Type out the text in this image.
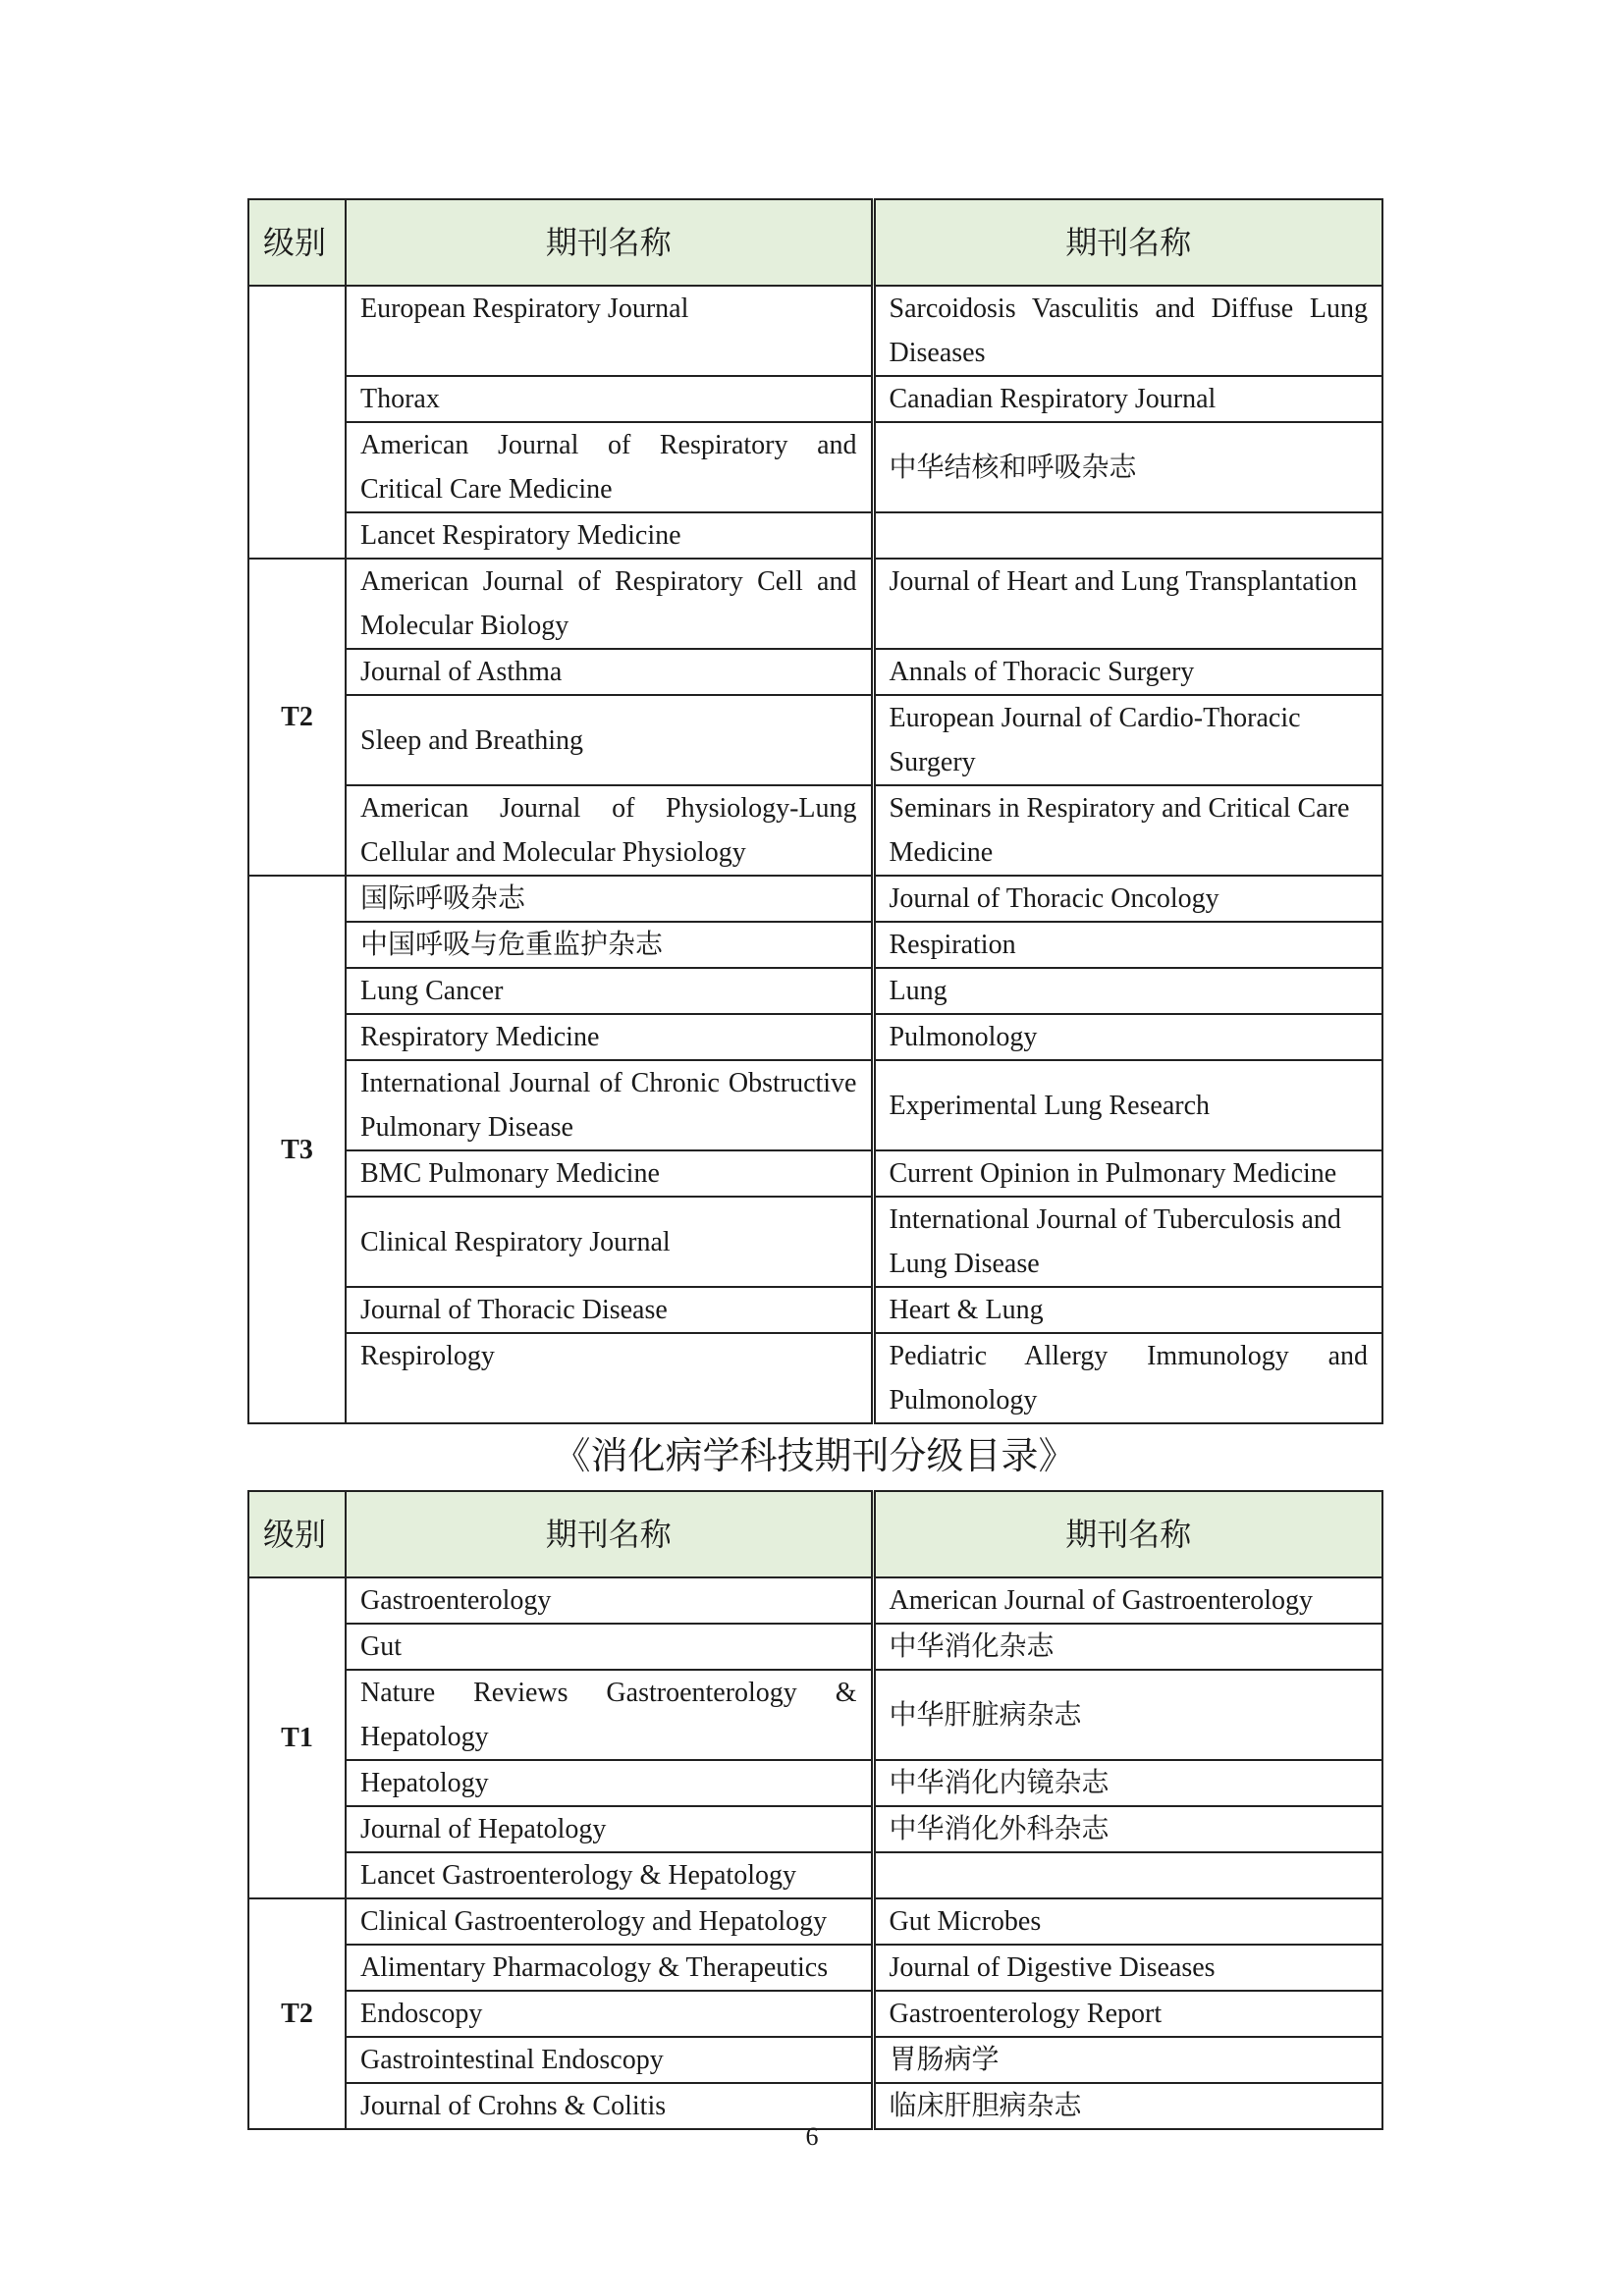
级别	期刊名称	期刊名称
	European Respiratory Journal	Sarcoidosis Vasculitis and Diffuse Lung Diseases
	Thorax	Canadian Respiratory Journal
	American Journal of Respiratory and Critical Care Medicine	中华结核和呼吸杂志
	Lancet Respiratory Medicine	
T2	American Journal of Respiratory Cell and Molecular Biology	Journal of Heart and Lung Transplantation
	Journal of Asthma	Annals of Thoracic Surgery
	Sleep and Breathing	European Journal of Cardio-Thoracic Surgery
	American Journal of Physiology-Lung Cellular and Molecular Physiology	Seminars in Respiratory and Critical Care Medicine
T3	国际呼吸杂志	Journal of Thoracic Oncology
	中国呼吸与危重监护杂志	Respiration
	Lung Cancer	Lung
	Respiratory Medicine	Pulmonology
	International Journal of Chronic Obstructive Pulmonary Disease	Experimental Lung Research
	BMC Pulmonary Medicine	Current Opinion in Pulmonary Medicine
	Clinical Respiratory Journal	International Journal of Tuberculosis and Lung Disease
	Journal of Thoracic Disease	Heart & Lung
	Respirology	Pediatric Allergy Immunology and Pulmonology
《消化病学科技期刊分级目录》
级别	期刊名称	期刊名称
T1	Gastroenterology	American Journal of Gastroenterology
	Gut	中华消化杂志
	Nature Reviews Gastroenterology & Hepatology	中华肝脏病杂志
	Hepatology	中华消化内镜杂志
	Journal of Hepatology	中华消化外科杂志
	Lancet Gastroenterology & Hepatology	
T2	Clinical Gastroenterology and Hepatology	Gut Microbes
	Alimentary Pharmacology & Therapeutics	Journal of Digestive Diseases
	Endoscopy	Gastroenterology Report
	Gastrointestinal Endoscopy	胃肠病学
	Journal of Crohns & Colitis	临床肝胆病杂志
6
